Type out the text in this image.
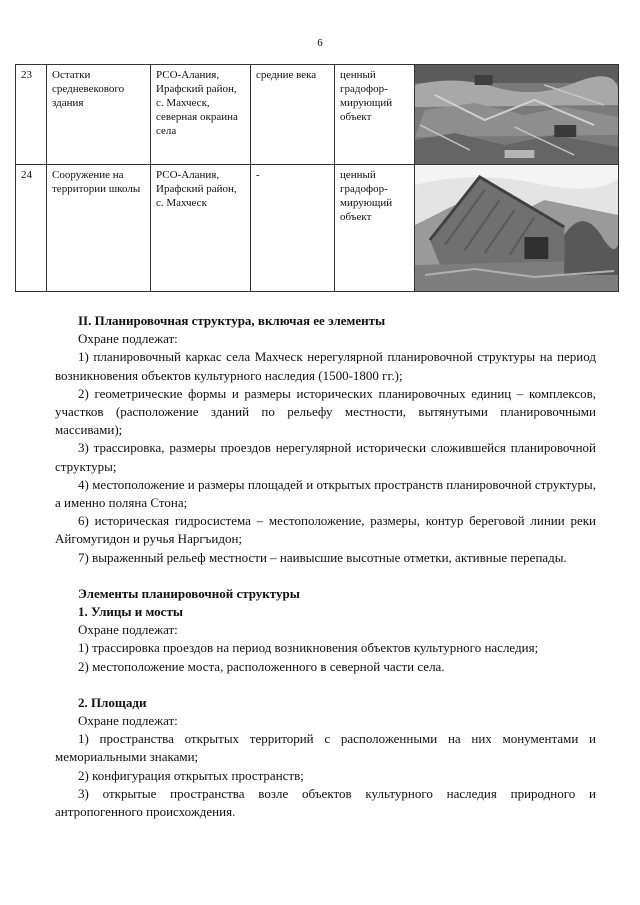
6
23	Остатки средневекового здания	РСО-Алания, Ирафский район, с. Махческ, северная окраина села	средние века	ценный градофор-мирующий объект	

24	Сооружение на территории школы	РСО-Алания, Ирафский район, с. Махческ	-	ценный градофор-мирующий объект	

II. Планировочная структура, включая ее элементы

Охране подлежат:

1) планировочный каркас села Махческ нерегулярной планировочной структуры на период возникновения объектов культурного наследия (1500-1800 гг.);

2) геометрические формы и размеры исторических планировочных единиц – комплексов, участков (расположение зданий по рельефу местности, вытянутыми планировочными массивами);

3) трассировка, размеры проездов нерегулярной исторически сложившейся планировочной структуры;

4) местоположение и размеры площадей и открытых пространств планировочной структуры, а именно поляна Стона;

6) историческая гидросистема – местоположение, размеры, контур береговой линии реки Айгомугидон и ручья Наргъидон;

7) выраженный рельеф местности – наивысшие высотные отметки, активные перепады.

Элементы планировочной структуры

1. Улицы и мосты

Охране подлежат:

1) трассировка проездов на период возникновения объектов культурного наследия;

2) местоположение моста, расположенного в северной части села.

2. Площади

Охране подлежат:

1) пространства открытых территорий с расположенными на них монументами и мемориальными знаками;

2) конфигурация открытых пространств;

3) открытые пространства возле объектов культурного наследия природного и антропогенного происхождения.
